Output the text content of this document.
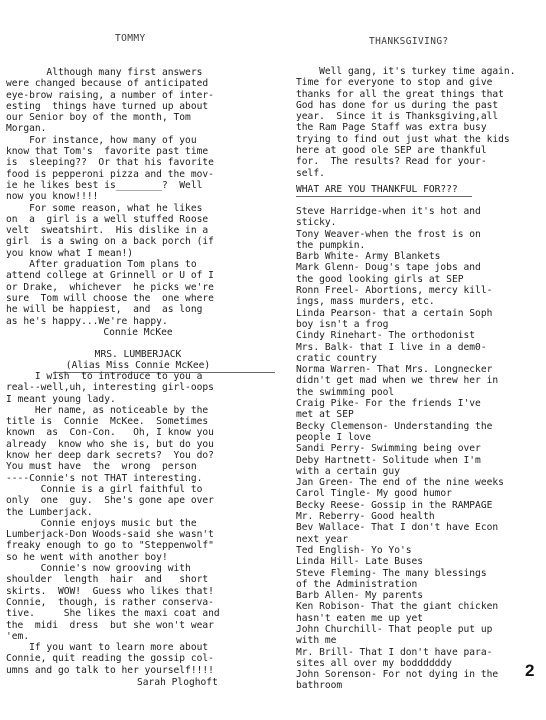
TOMMY
Although many first answers
were changed because of anticipated
eye-brow raising, a number of inter-
esting  things have turned up about
our Senior boy of the month, Tom
Morgan.
For instance, how many of you
know that Tom's  favorite past time
is  sleeping??  Or that his favorite
food is pepperoni pizza and the mov-
ie he likes best is________?  Well
now you know!!!!
For some reason, what he likes
on  a  girl is a well stuffed Roose
velt  sweatshirt.  His dislike in a
girl  is a swing on a back porch (if
you know what I mean!)
After graduation Tom plans to
attend college at Grinnell or U of I
or Drake,  whichever  he picks we're
sure  Tom will choose the  one where
he will be happiest,  and  as long
as he's happy...We're happy.
Connie McKee
MRS. LUMBERJACK
(Alias Miss Connie McKee)
I wish  to introduce to you a
real--well,uh, interesting girl-oops
I meant young lady.
Her name, as noticeable by the
title is  Connie  McKee.  Sometimes
known  as  Con-Con.   Oh, I know you
already  know who she is, but do you
know her deep dark secrets?  You do?
You must have  the  wrong  person
----Connie's not THAT interesting.
Connie is a girl faithful to
only  one  guy.  She's gone ape over
the Lumberjack.
Connie enjoys music but the
Lumberjack-Don Woods-said she wasn't
freaky enough to go to "Steppenwolf"
so he went with another boy!
Connie's now grooving with
shoulder  length  hair  and   short
skirts.  WOW!  Guess who likes that!
Connie,  though, is rather conserva-
tive.     She likes the maxi coat and
the  midi  dress  but she won't wear
'em.
If you want to learn more about
Connie, quit reading the gossip col-
umns and go talk to her yourself!!!!
Sarah Ploghoft
THANKSGIVING?
Well gang, it's turkey time again.
Time for everyone to stop and give
thanks for all the great things that
God has done for us during the past
year.  Since it is Thanksgiving,all
the Ram Page Staff was extra busy
trying to find out just what the kids
here at good ole SEP are thankful
for.  The results? Read for your-
self.
WHAT ARE YOU THANKFUL FOR???
Steve Harridge-when it's hot and
sticky.
Tony Weaver-when the frost is on
the pumpkin.
Barb White- Army Blankets
Mark Glenn- Doug's tape jobs and
the good looking girls at SEP
Ronn Freel- Abortions, mercy kill-
ings, mass murders, etc.
Linda Pearson- that a certain Soph
boy isn't a frog
Cindy Rinehart- The orthodonist
Mrs. Balk- that I live in a dem0-
cratic country
Norma Warren- That Mrs. Longnecker
didn't get mad when we threw her in
the swimming pool
Craig Pike- For the friends I've
met at SEP
Becky Clemenson- Understanding the
people I love
Sandi Perry- Swimming being over
Deby Hartnett- Solitude when I'm
with a certain guy
Jan Green- The end of the nine weeks
Carol Tingle- My good humor
Becky Reese- Gossip in the RAMPAGE
Mr. Reberry- Good health
Bev Wallace- That I don't have Econ
next year
Ted English- Yo Yo's
Linda Hill- Late Buses
Steve Fleming- The many blessings
of the Administration
Barb Allen- My parents
Ken Robison- That the giant chicken
hasn't eaten me up yet
John Churchill- That people put up
with me
Mr. Brill- That I don't have para-
sites all over my boddddddy
John Sorenson- For not dying in the
bathroom
2
